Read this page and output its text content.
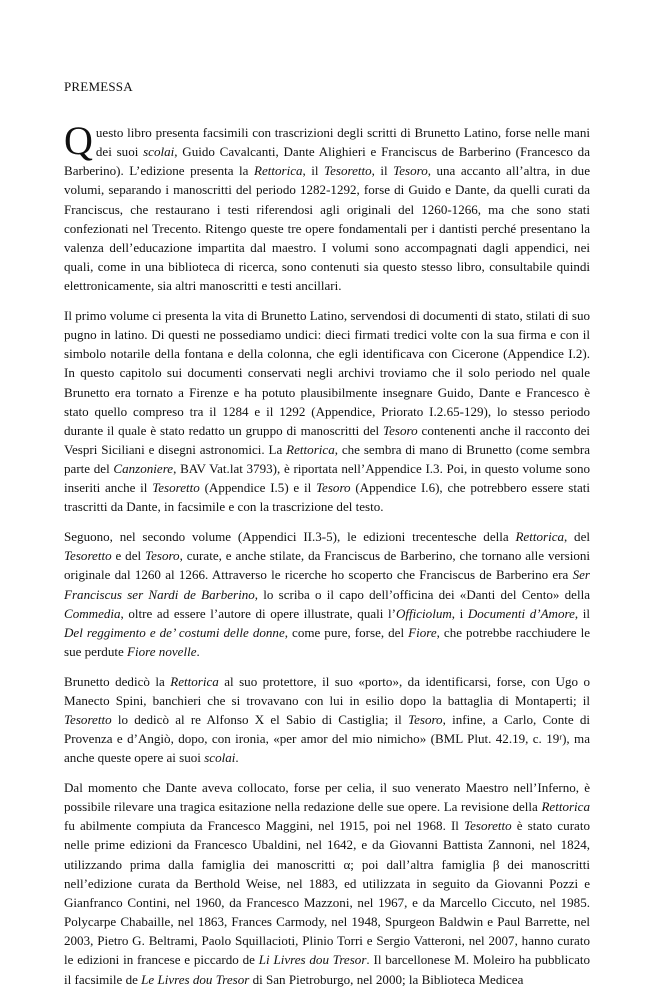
PREMESSA

Questo libro presenta facsimili con trascrizioni degli scritti di Brunetto Latino, forse nelle mani dei suoi scolai, Guido Cavalcanti, Dante Alighieri e Franciscus de Barberino (Francesco da Barberino). L’edizione presenta la Rettorica, il Tesoretto, il Tesoro, una accanto all’altra, in due volumi, separando i manoscritti del periodo 1282-1292, forse di Guido e Dante, da quelli curati da Franciscus, che restaurano i testi riferendosi agli originali del 1260-1266, ma che sono stati confezionati nel Trecento. Ritengo queste tre opere fondamentali per i dantisti perché presentano la valenza dell’educazione impartita dal maestro. I volumi sono accompagnati dagli appendici, nei quali, come in una biblioteca di ricerca, sono contenuti sia questo stesso libro, consultabile quindi elettronicamente, sia altri manoscritti e testi ancillari.

Il primo volume ci presenta la vita di Brunetto Latino, servendosi di documenti di stato, stilati di suo pugno in latino. Di questi ne possediamo undici: dieci firmati tredici volte con la sua firma e con il simbolo notarile della fontana e della colonna, che egli identificava con Cicerone (Appendice I.2). In questo capitolo sui documenti conservati negli archivi troviamo che il solo periodo nel quale Brunetto era tornato a Firenze e ha potuto plausibilmente insegnare Guido, Dante e Francesco è stato quello compreso tra il 1284 e il 1292 (Appendice, Priorato I.2.65-129), lo stesso periodo durante il quale è stato redatto un gruppo di manoscritti del Tesoro contenenti anche il racconto dei Vespri Siciliani e disegni astronomici. La Rettorica, che sembra di mano di Brunetto (come sembra parte del Canzoniere, BAV Vat.lat 3793), è riportata nell’Appendice I.3. Poi, in questo volume sono inseriti anche il Tesoretto (Appendice I.5) e il Tesoro (Appendice I.6), che potrebbero essere stati trascritti da Dante, in facsimile e con la trascrizione del testo.

Seguono, nel secondo volume (Appendici II.3-5), le edizioni trecentesche della Rettorica, del Tesoretto e del Tesoro, curate, e anche stilate, da Franciscus de Barberino, che tornano alle versioni originale dal 1260 al 1266. Attraverso le ricerche ho scoperto che Franciscus de Barberino era Ser Franciscus ser Nardi de Barberino, lo scriba o il capo dell’officina dei «Danti del Cento» della Commedia, oltre ad essere l’autore di opere illustrate, quali l’Officiolum, i Documenti d’Amore, il Del reggimento e de’ costumi delle donne, come pure, forse, del Fiore, che potrebbe racchiudere le sue perdute Fiore novelle.

Brunetto dedicò la Rettorica al suo protettore, il suo «porto», da identificarsi, forse, con Ugo o Manecto Spini, banchieri che si trovavano con lui in esilio dopo la battaglia di Montaperti; il Tesoretto lo dedicò al re Alfonso X el Sabio di Castiglia; il Tesoro, infine, a Carlo, Conte di Provenza e d’Angiò, dopo, con ironia, «per amor del mio nimicho» (BML Plut. 42.19, c. 19ʳ), ma anche queste opere ai suoi scolai.

Dal momento che Dante aveva collocato, forse per celia, il suo venerato Maestro nell’Inferno, è possibile rilevare una tragica esitazione nella redazione delle sue opere. La revisione della Rettorica fu abilmente compiuta da Francesco Maggini, nel 1915, poi nel 1968. Il Tesoretto è stato curato nelle prime edizioni da Francesco Ubaldini, nel 1642, e da Giovanni Battista Zannoni, nel 1824, utilizzando prima dalla famiglia dei manoscritti α; poi dall’altra famiglia β dei manoscritti nell’edizione curata da Berthold Weise, nel 1883, ed utilizzata in seguito da Giovanni Pozzi e Gianfranco Contini, nel 1960, da Francesco Mazzoni, nel 1967, e da Marcello Ciccuto, nel 1985. Polycarpe Chabaille, nel 1863, Frances Carmody, nel 1948, Spurgeon Baldwin e Paul Barrette, nel 2003, Pietro G. Beltrami, Paolo Squillacioti, Plinio Torri e Sergio Vatteroni, nel 2007, hanno curato le edizioni in francese e piccardo de Li Livres dou Tresor. Il barcellonese M. Moleiro ha pubblicato il facsimile de Le Livres dou Tresor di San Pietroburgo, nel 2000; la Biblioteca Medicea
